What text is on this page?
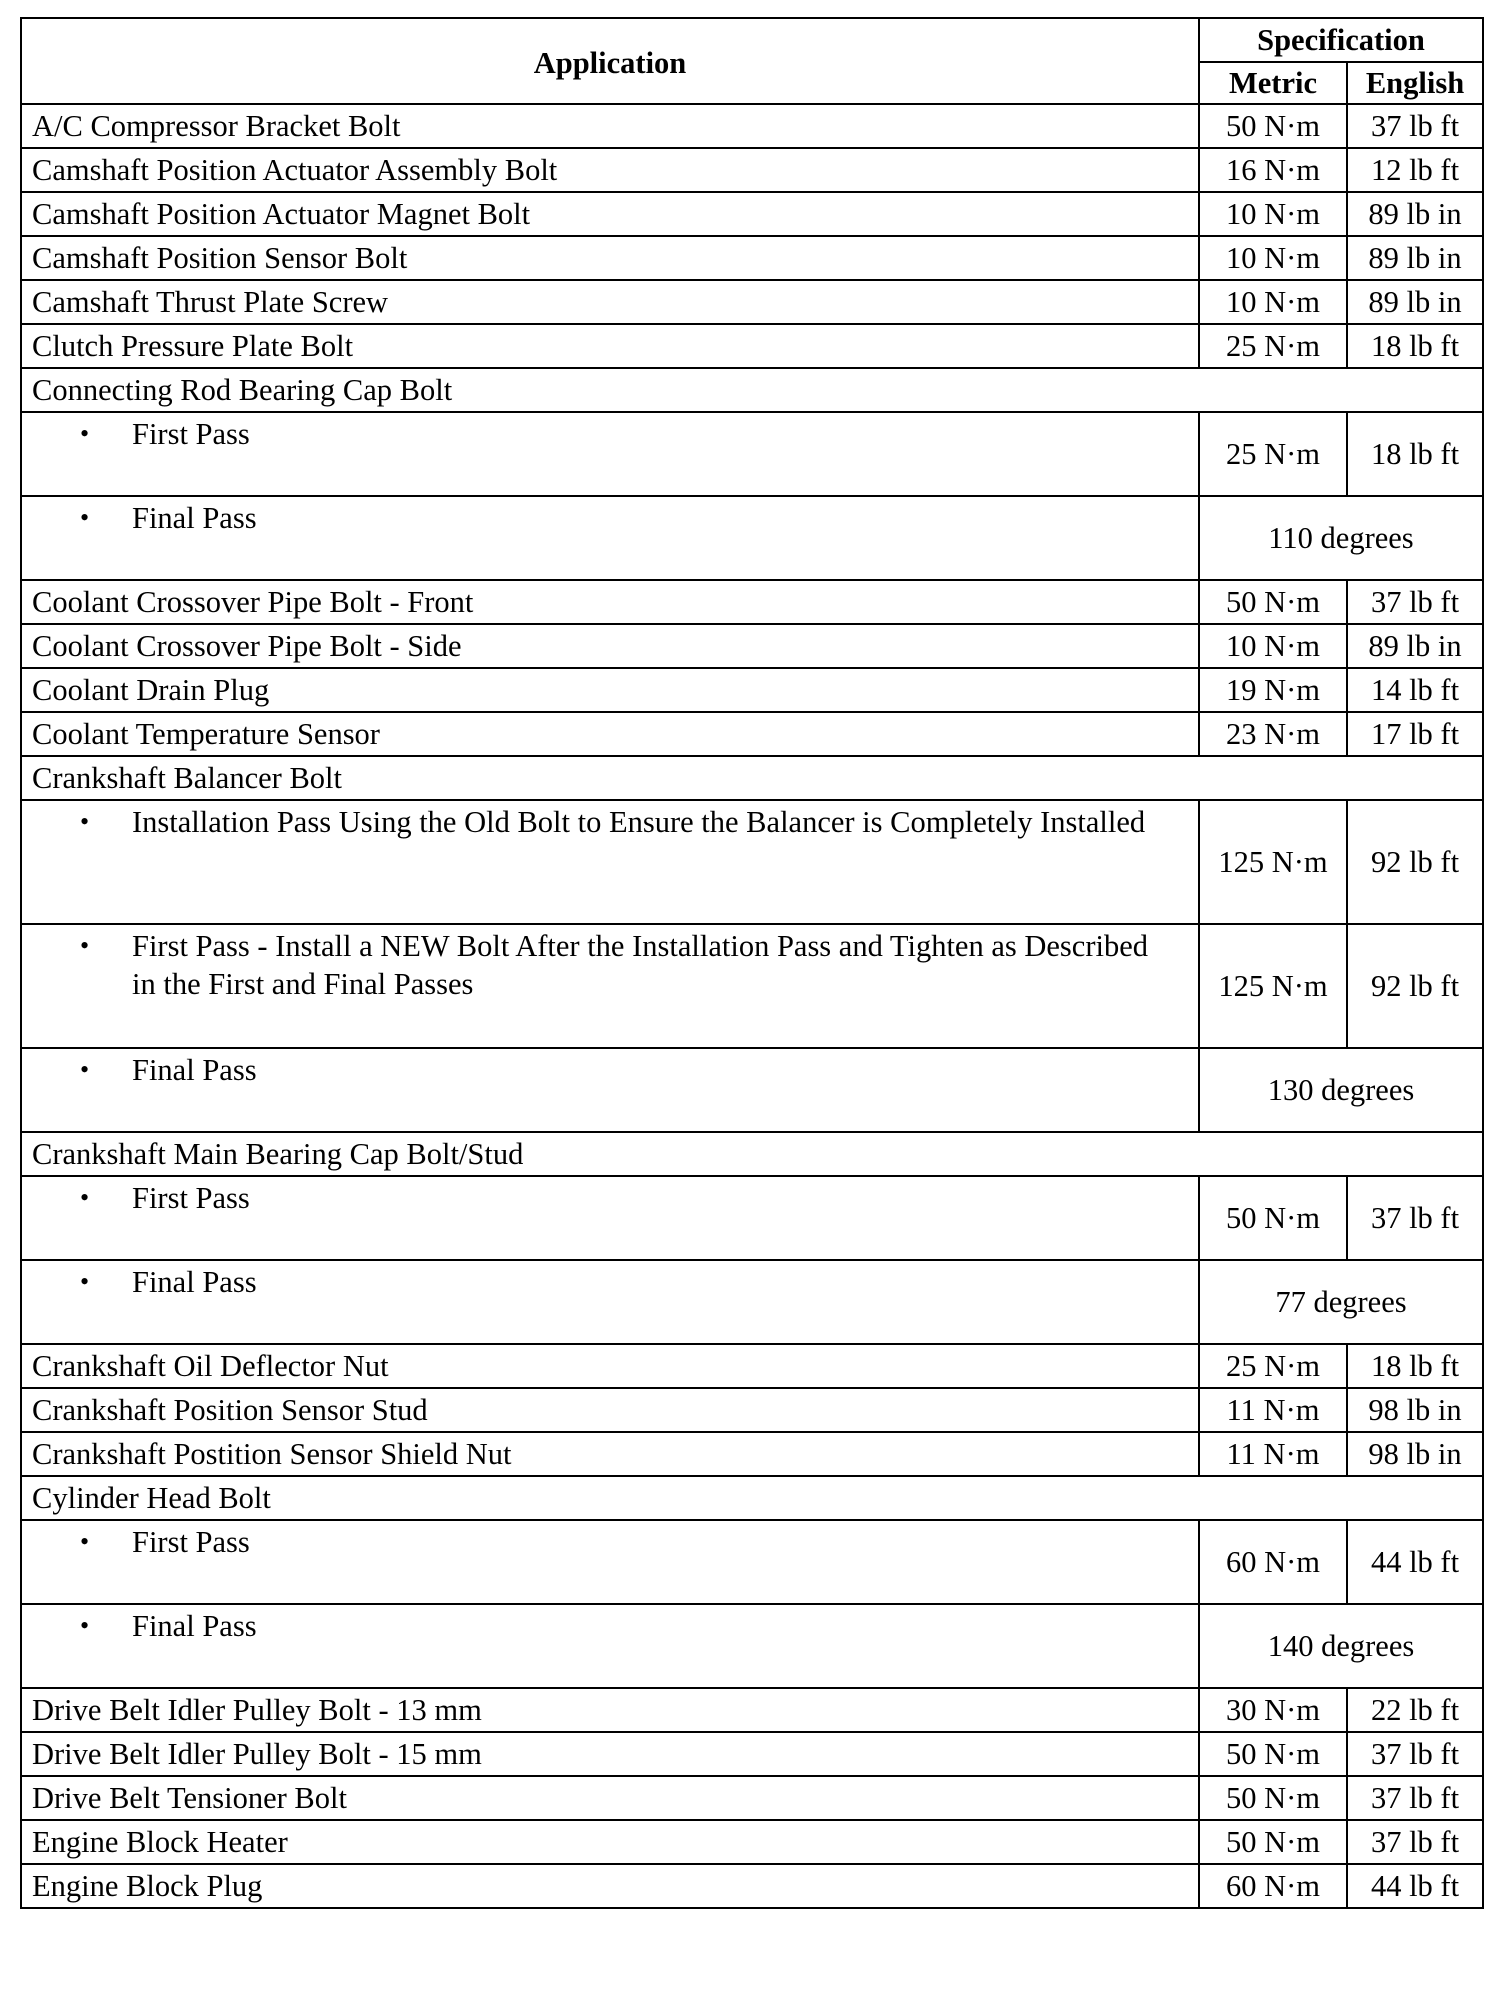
Application	Specification	
	Metric	English
A/C Compressor Bracket Bolt	50 N·m	37 lb ft
Camshaft Position Actuator Assembly Bolt	16 N·m	12 lb ft
Camshaft Position Actuator Magnet Bolt	10 N·m	89 lb in
Camshaft Position Sensor Bolt	10 N·m	89 lb in
Camshaft Thrust Plate Screw	10 N·m	89 lb in
Clutch Pressure Plate Bolt	25 N·m	18 lb ft
Connecting Rod Bearing Cap Bolt		

• First Pass	25 N·m	18 lb ft

• Final Pass	110 degrees	
Coolant Crossover Pipe Bolt - Front	50 N·m	37 lb ft
Coolant Crossover Pipe Bolt - Side	10 N·m	89 lb in
Coolant Drain Plug	19 N·m	14 lb ft
Coolant Temperature Sensor	23 N·m	17 lb ft
Crankshaft Balancer Bolt		

• Installation Pass Using the Old Bolt to Ensure the Balancer is Completely Installed	125 N·m	92 lb ft

• First Pass - Install a NEW Bolt After the Installation Pass and Tighten as Described in the First and Final Passes	125 N·m	92 lb ft

• Final Pass	130 degrees	
Crankshaft Main Bearing Cap Bolt/Stud		

• First Pass	50 N·m	37 lb ft

• Final Pass	77 degrees	
Crankshaft Oil Deflector Nut	25 N·m	18 lb ft
Crankshaft Position Sensor Stud	11 N·m	98 lb in
Crankshaft Postition Sensor Shield Nut	11 N·m	98 lb in
Cylinder Head Bolt		

• First Pass	60 N·m	44 lb ft

• Final Pass	140 degrees	
Drive Belt Idler Pulley Bolt - 13 mm	30 N·m	22 lb ft
Drive Belt Idler Pulley Bolt - 15 mm	50 N·m	37 lb ft
Drive Belt Tensioner Bolt	50 N·m	37 lb ft
Engine Block Heater	50 N·m	37 lb ft
Engine Block Plug	60 N·m	44 lb ft
